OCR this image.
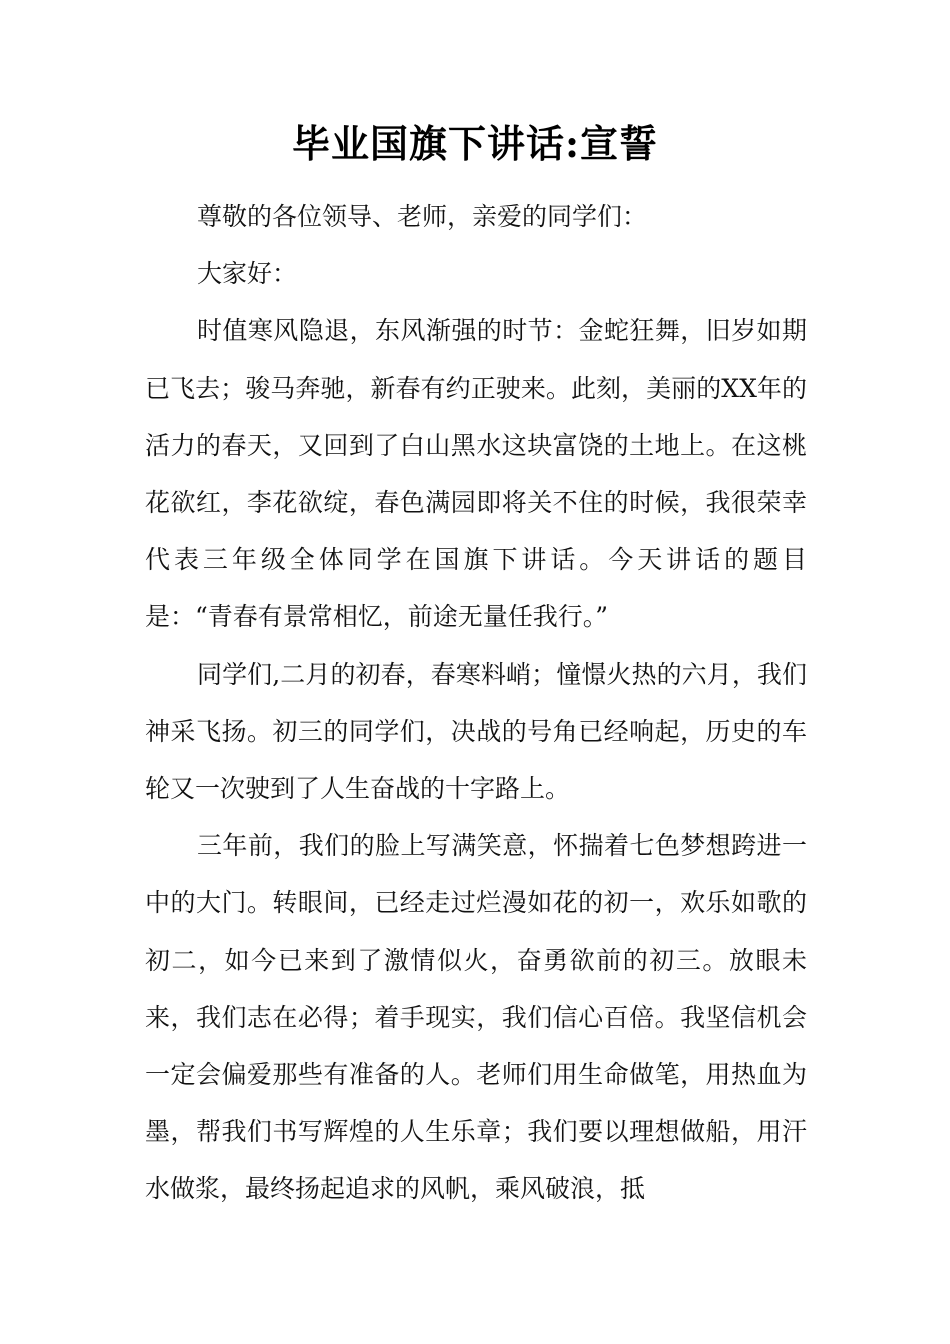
毕业国旗下讲话:宣誓

尊敬的各位领导、老师，亲爱的同学们：

大家好：

时值寒风隐退，东风渐强的时节：金蛇狂舞，旧岁如期已飞去；骏马奔驰，新春有约正驶来。此刻，美丽的XX年的活力的春天，又回到了白山黑水这块富饶的土地上。在这桃花欲红，李花欲绽，春色满园即将关不住的时候，我很荣幸代表三年级全体同学在国旗下讲话。今天讲话的题目是：“青春有景常相忆，前途无量任我行。”

同学们,二月的初春，春寒料峭；憧憬火热的六月，我们神采飞扬。初三的同学们，决战的号角已经响起，历史的车轮又一次驶到了人生奋战的十字路上。

三年前，我们的脸上写满笑意，怀揣着七色梦想跨进一中的大门。转眼间，已经走过烂漫如花的初一，欢乐如歌的初二，如今已来到了激情似火，奋勇欲前的初三。放眼未来，我们志在必得；着手现实，我们信心百倍。我坚信机会一定会偏爱那些有准备的人。老师们用生命做笔，用热血为墨，帮我们书写辉煌的人生乐章；我们要以理想做船，用汗水做浆，最终扬起追求的风帆，乘风破浪，抵
